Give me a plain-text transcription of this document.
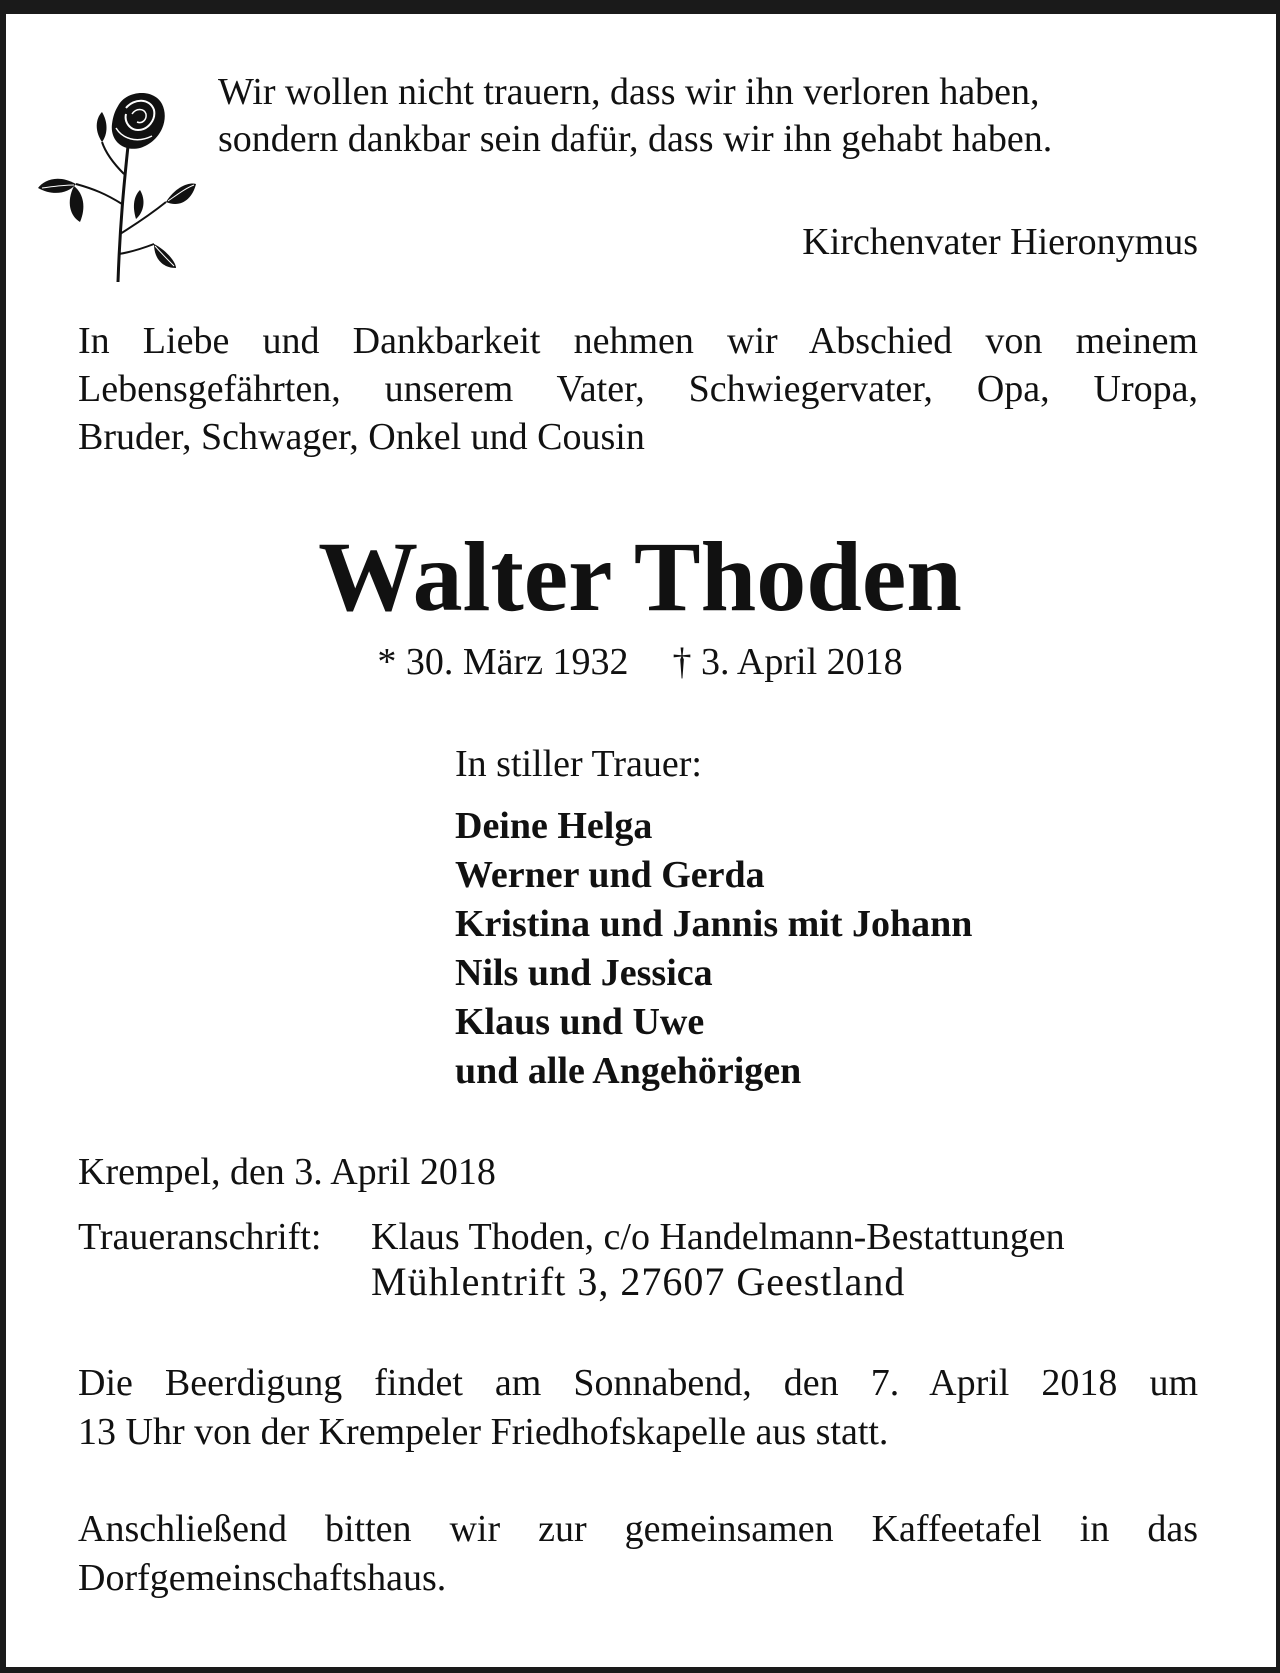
Wir wollen nicht trauern, dass wir ihn verloren haben,
sondern dankbar sein dafür, dass wir ihn gehabt haben.
Kirchenvater Hieronymus
In Liebe und Dankbarkeit nehmen wir Abschied von meinem
Lebensgefährten, unserem Vater, Schwiegervater, Opa, Uropa,
Bruder, Schwager, Onkel und Cousin
Walter Thoden
* 30. März 1932 † 3. April 2018
In stiller Trauer:
Deine Helga
Werner und Gerda
Kristina und Jannis mit Johann
Nils und Jessica
Klaus und Uwe
und alle Angehörigen
Krempel, den 3. April 2018
Traueranschrift: Klaus Thoden, c/o Handelmann-Bestattungen
Mühlentrift 3, 27607 Geestland
Die Beerdigung findet am Sonnabend, den 7. April 2018 um
13 Uhr von der Krempeler Friedhofskapelle aus statt.
Anschließend bitten wir zur gemeinsamen Kaffeetafel in das
Dorfgemeinschaftshaus.
